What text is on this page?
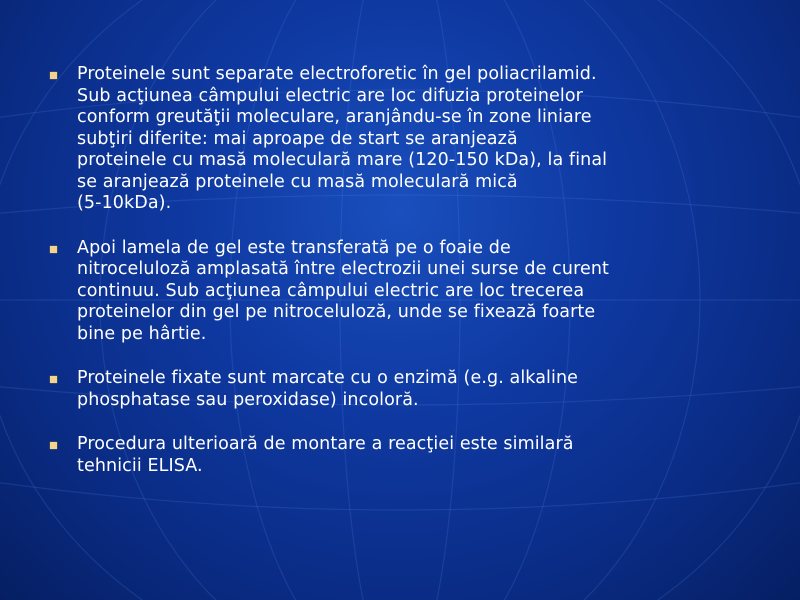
Proteinele sunt separate electroforetic în gel poliacrilamid.
Sub acţiunea câmpului electric are loc difuzia proteinelor
conform greutăţii moleculare, aranjându-se în zone liniare
subţiri diferite: mai aproape de start se aranjează
proteinele cu masă moleculară mare (120-150 kDa), la final
se aranjează proteinele cu masă moleculară mică
(5-10kDa).
Apoi lamela de gel este transferată pe o foaie de
nitroceluloză amplasată între electrozii unei surse de curent
continuu. Sub acţiunea câmpului electric are loc trecerea
proteinelor din gel pe nitroceluloză, unde se fixează foarte
bine pe hârtie.
Proteinele fixate sunt marcate cu o enzimă (e.g. alkaline
phosphatase sau peroxidase) incoloră.
Procedura ulterioară de montare a reacţiei este similară
tehnicii ELISA.
